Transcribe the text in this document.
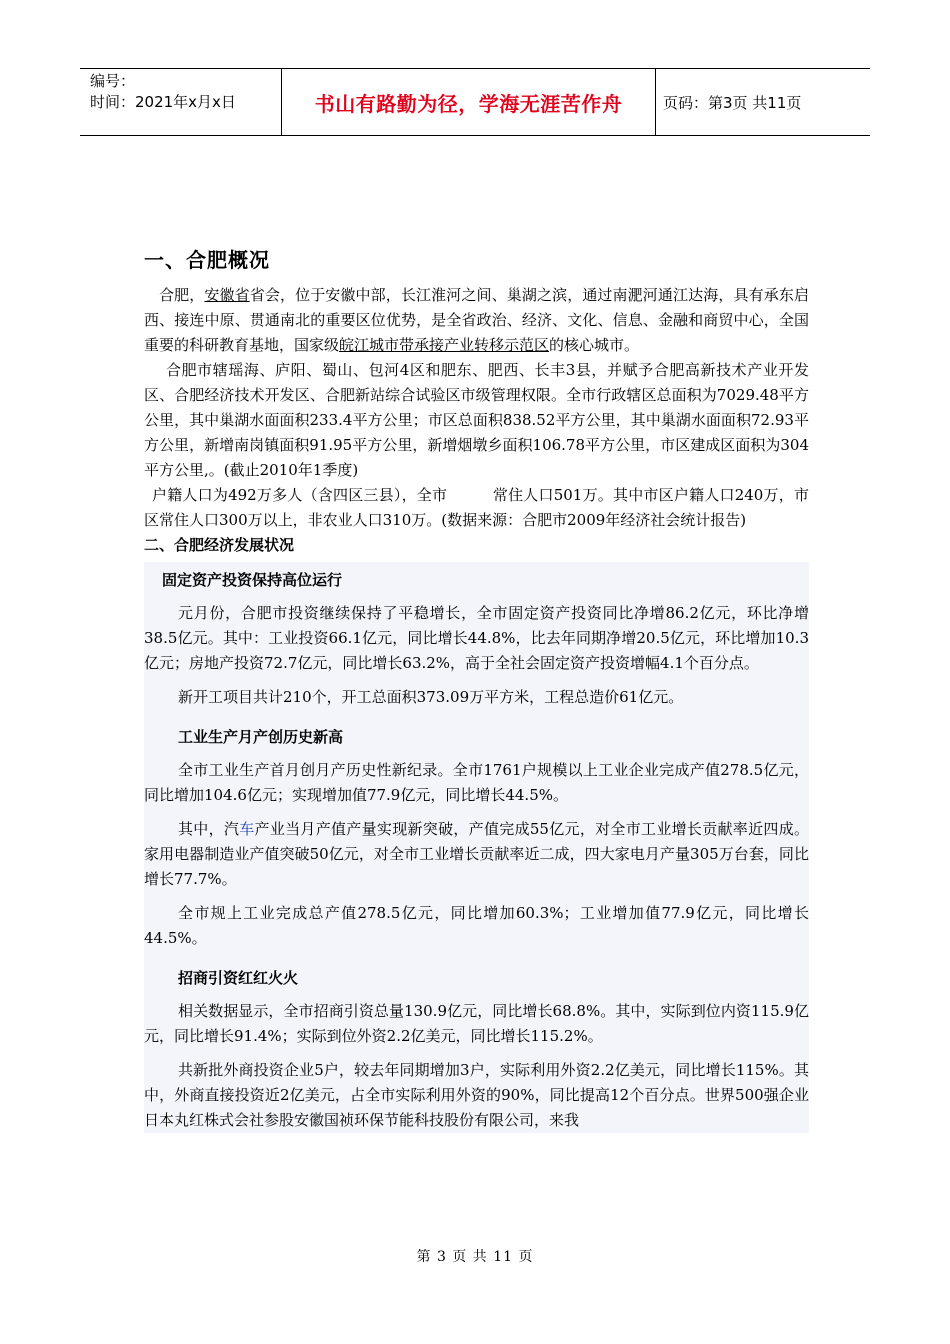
编号：
时间：2021年x月x日	书山有路勤为径，学海无涯苦作舟	页码：第3页 共11页
一、合肥概况

合肥，安徽省省会，位于安徽中部，长江淮河之间、巢湖之滨，通过南淝河通江达海，具有承东启西、接连中原、贯通南北的重要区位优势，是全省政治、经济、文化、信息、金融和商贸中心，全国重要的科研教育基地，国家级皖江城市带承接产业转移示范区的核心城市。

合肥市辖瑶海、庐阳、蜀山、包河4区和肥东、肥西、长丰3县，并赋予合肥高新技术产业开发区、合肥经济技术开发区、合肥新站综合试验区市级管理权限。全市行政辖区总面积为7029.48平方公里，其中巢湖水面面积233.4平方公里；市区总面积838.52平方公里，其中巢湖水面面积72.93平方公里，新增南岗镇面积91.95平方公里，新增烟墩乡面积106.78平方公里，市区建成区面积为304平方公里,。(截止2010年1季度)

户籍人口为492万多人（含四区三县），全市　　　常住人口501万。其中市区户籍人口240万，市区常住人口300万以上，非农业人口310万。(数据来源：合肥市2009年经济社会统计报告)

二、合肥经济发展状况
固定资产投资保持高位运行

元月份，合肥市投资继续保持了平稳增长，全市固定资产投资同比净增86.2亿元，环比净增38.5亿元。其中：工业投资66.1亿元，同比增长44.8%，比去年同期净增20.5亿元，环比增加10.3亿元；房地产投资72.7亿元，同比增长63.2%，高于全社会固定资产投资增幅4.1个百分点。

新开工项目共计210个，开工总面积373.09万平方米，工程总造价61亿元。

工业生产月产创历史新高

全市工业生产首月创月产历史性新纪录。全市1761户规模以上工业企业完成产值278.5亿元，同比增加104.6亿元；实现增加值77.9亿元，同比增长44.5%。

其中，汽车产业当月产值产量实现新突破，产值完成55亿元，对全市工业增长贡献率近四成。家用电器制造业产值突破50亿元，对全市工业增长贡献率近二成，四大家电月产量305万台套，同比增长77.7%。

全市规上工业完成总产值278.5亿元，同比增加60.3%；工业增加值77.9亿元，同比增长44.5%。

招商引资红红火火

相关数据显示，全市招商引资总量130.9亿元，同比增长68.8%。其中，实际到位内资115.9亿元，同比增长91.4%；实际到位外资2.2亿美元，同比增长115.2%。

共新批外商投资企业5户，较去年同期增加3户，实际利用外资2.2亿美元，同比增长115%。其中，外商直接投资近2亿美元，占全市实际利用外资的90%，同比提高12个百分点。世界500强企业日本丸红株式会社参股安徽国祯环保节能科技股份有限公司，来我

第 3 页 共 11 页
